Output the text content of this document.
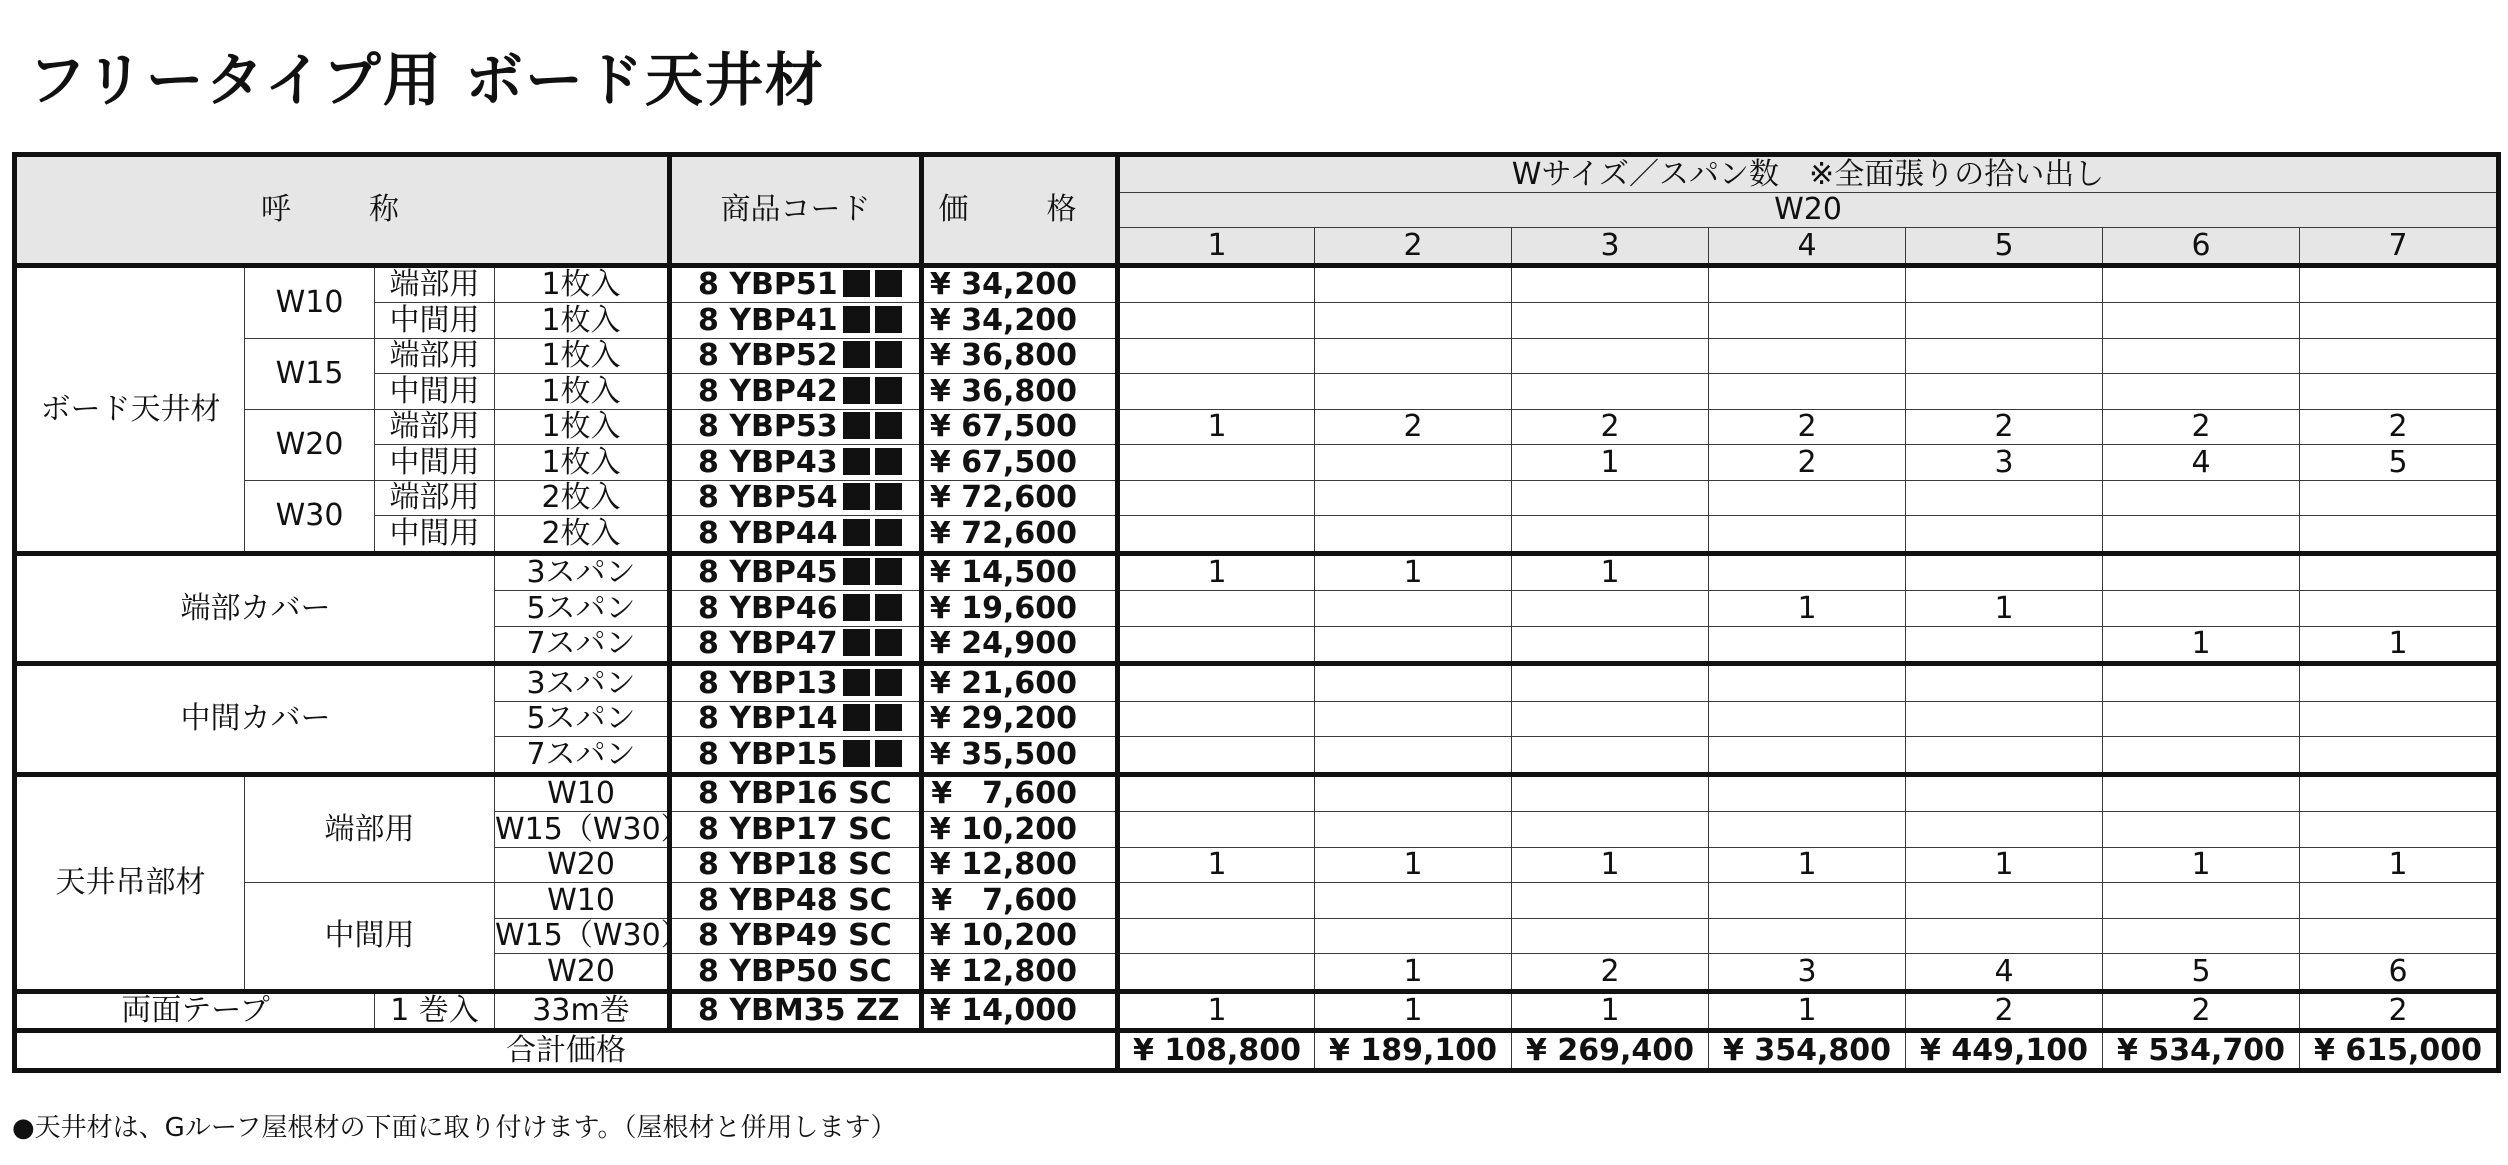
フリータイプ用 ボード天井材
呼　称				商品コード	価　格	Wサイズ／スパン数　※全面張りの拾い出し						
						W20						
						1	2	3	4	5	6	7
ボード天井材	W10	端部用	1枚入	8 YBP51	¥ 34,200							
		中間用	1枚入	8 YBP41	¥ 34,200							
	W15	端部用	1枚入	8 YBP52	¥ 36,800							
		中間用	1枚入	8 YBP42	¥ 36,800							
	W20	端部用	1枚入	8 YBP53	¥ 67,500	1	2	2	2	2	2	2
		中間用	1枚入	8 YBP43	¥ 67,500			1	2	3	4	5
	W30	端部用	2枚入	8 YBP54	¥ 72,600							
		中間用	2枚入	8 YBP44	¥ 72,600							
端部カバー			3スパン	8 YBP45	¥ 14,500	1	1	1				
			5スパン	8 YBP46	¥ 19,600				1	1		
			7スパン	8 YBP47	¥ 24,900						1	1
中間カバー			3スパン	8 YBP13	¥ 21,600							
			5スパン	8 YBP14	¥ 29,200							
			7スパン	8 YBP15	¥ 35,500							
天井吊部材	端部用		W10	8 YBP16 SC	¥　7,600							
			W15（W30）	8 YBP17 SC	¥ 10,200							
			W20	8 YBP18 SC	¥ 12,800	1	1	1	1	1	1	1
	中間用		W10	8 YBP48 SC	¥　7,600							
			W15（W30）	8 YBP49 SC	¥ 10,200							
			W20	8 YBP50 SC	¥ 12,800		1	2	3	4	5	6
両面テープ		1 巻入	33m巻	8 YBM35 ZZ	¥ 14,000	1	1	1	1	2	2	2
合計価格						¥ 108,800	¥ 189,100	¥ 269,400	¥ 354,800	¥ 449,100	¥ 534,700	¥ 615,000
●天井材は、Gルーフ屋根材の下面に取り付けます。（屋根材と併用します）
